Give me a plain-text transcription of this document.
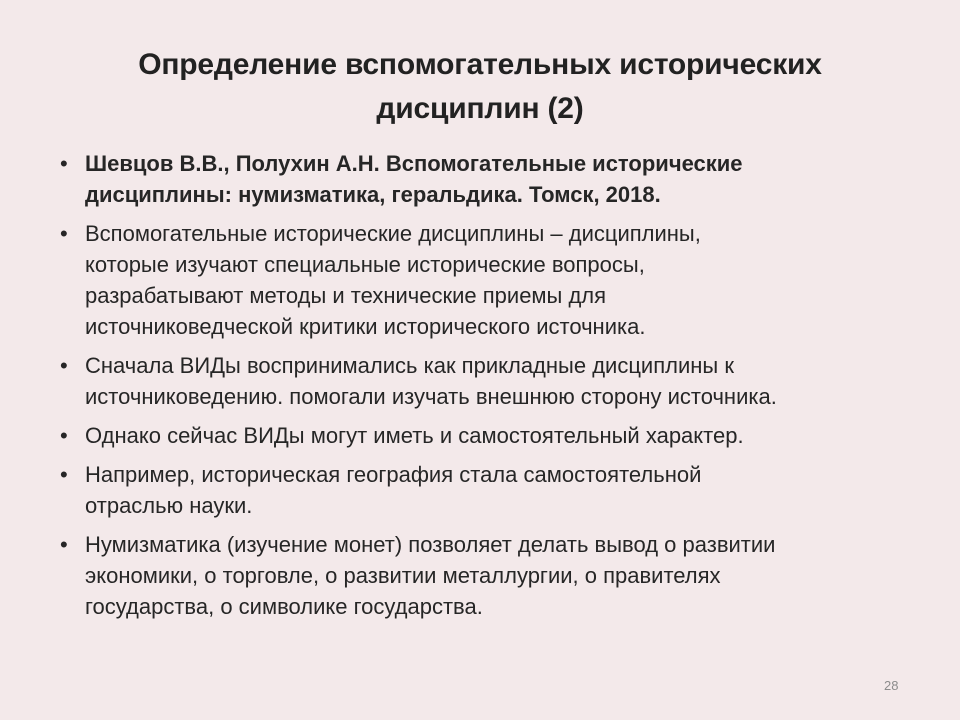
Определение вспомогательных исторических
дисциплин (2)
• Шевцов В.В., Полухин А.Н. Вспомогательные исторические
дисциплины: нумизматика, геральдика. Томск, 2018.
• Вспомогательные исторические дисциплины – дисциплины,
которые изучают специальные исторические вопросы,
разрабатывают методы и технические приемы для
источниковедческой критики исторического источника.
• Сначала ВИДы воспринимались как прикладные дисциплины к
источниковедению. помогали изучать внешнюю сторону источника.
• Однако сейчас ВИДы могут иметь и самостоятельный характер.
• Например, историческая география стала самостоятельной
отраслью науки.
• Нумизматика (изучение монет) позволяет делать вывод о развитии
экономики, о торговле, о развитии металлургии, о правителях
государства, о символике государства.
28
